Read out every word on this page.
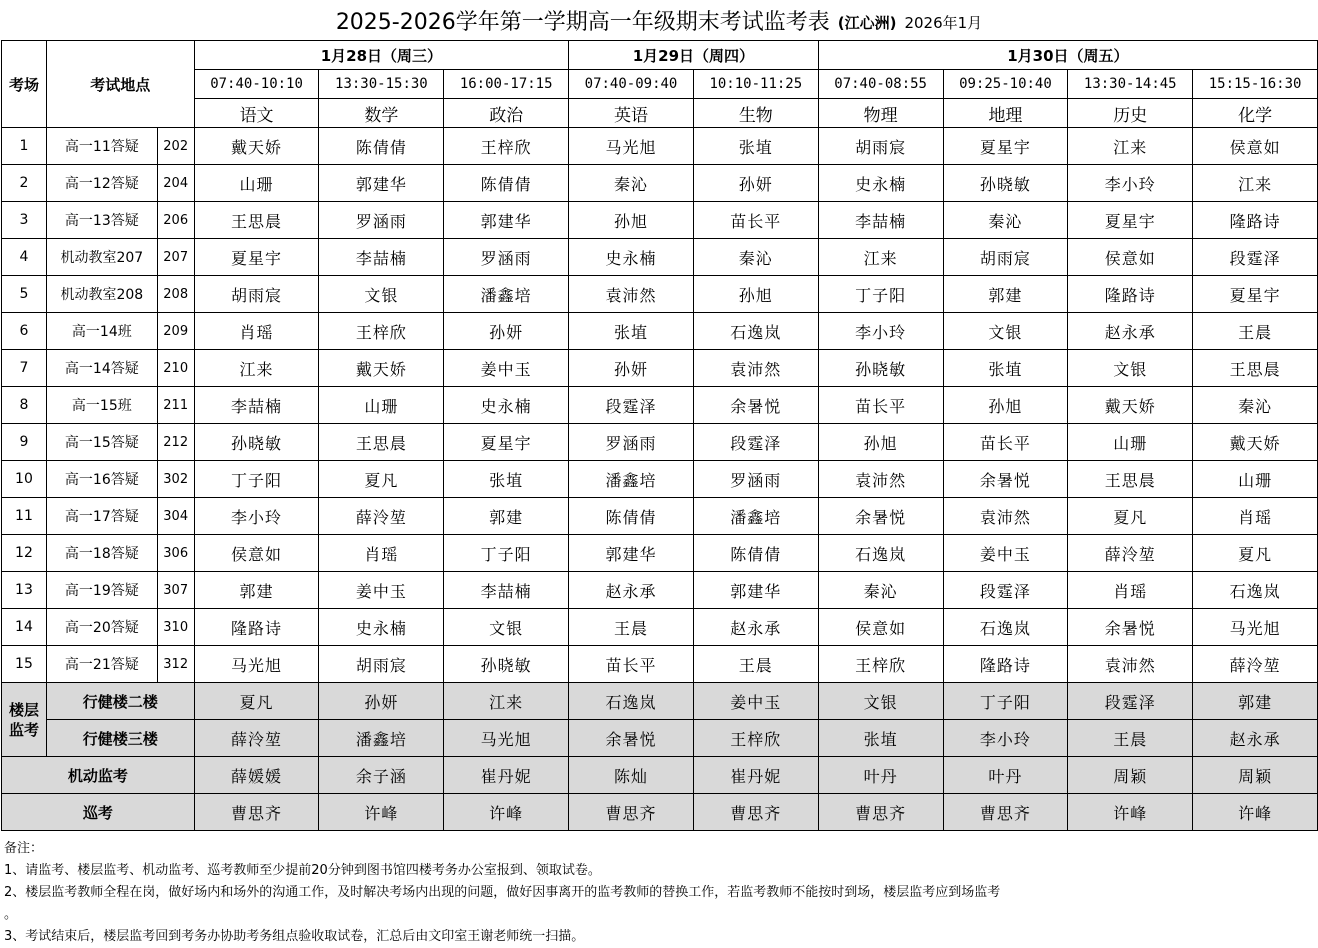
2025-2026学年第一学期高一年级期末考试监考表 (江心洲) 2026年1月
考场	考试地点		1月28日（周三）			1月29日（周四）		1月30日（周五）			
			07:40-10:10	13:30-15:30	16:00-17:15	07:40-09:40	10:10-11:25	07:40-08:55	09:25-10:40	13:30-14:45	15:15-16:30
			语文	数学	政治	英语	生物	物理	地理	历史	化学
1	高一11答疑	202	戴天娇	陈倩倩	王梓欣	马光旭	张埴	胡雨宸	夏星宇	江来	侯意如
2	高一12答疑	204	山珊	郭建华	陈倩倩	秦沁	孙妍	史永楠	孙晓敏	李小玲	江来
3	高一13答疑	206	王思晨	罗涵雨	郭建华	孙旭	苗长平	李喆楠	秦沁	夏星宇	隆路诗
4	机动教室207	207	夏星宇	李喆楠	罗涵雨	史永楠	秦沁	江来	胡雨宸	侯意如	段霆泽
5	机动教室208	208	胡雨宸	文银	潘鑫培	袁沛然	孙旭	丁子阳	郭建	隆路诗	夏星宇
6	高一14班	209	肖瑶	王梓欣	孙妍	张埴	石逸岚	李小玲	文银	赵永承	王晨
7	高一14答疑	210	江来	戴天娇	姜中玉	孙妍	袁沛然	孙晓敏	张埴	文银	王思晨
8	高一15班	211	李喆楠	山珊	史永楠	段霆泽	余暑悦	苗长平	孙旭	戴天娇	秦沁
9	高一15答疑	212	孙晓敏	王思晨	夏星宇	罗涵雨	段霆泽	孙旭	苗长平	山珊	戴天娇
10	高一16答疑	302	丁子阳	夏凡	张埴	潘鑫培	罗涵雨	袁沛然	余暑悦	王思晨	山珊
11	高一17答疑	304	李小玲	薛泠堃	郭建	陈倩倩	潘鑫培	余暑悦	袁沛然	夏凡	肖瑶
12	高一18答疑	306	侯意如	肖瑶	丁子阳	郭建华	陈倩倩	石逸岚	姜中玉	薛泠堃	夏凡
13	高一19答疑	307	郭建	姜中玉	李喆楠	赵永承	郭建华	秦沁	段霆泽	肖瑶	石逸岚
14	高一20答疑	310	隆路诗	史永楠	文银	王晨	赵永承	侯意如	石逸岚	余暑悦	马光旭
15	高一21答疑	312	马光旭	胡雨宸	孙晓敏	苗长平	王晨	王梓欣	隆路诗	袁沛然	薛泠堃
楼层监考	行健楼二楼		夏凡	孙妍	江来	石逸岚	姜中玉	文银	丁子阳	段霆泽	郭建
	行健楼三楼		薛泠堃	潘鑫培	马光旭	余暑悦	王梓欣	张埴	李小玲	王晨	赵永承
机动监考			薛媛媛	余子涵	崔丹妮	陈灿	崔丹妮	叶丹	叶丹	周颖	周颖
巡考			曹思齐	许峰	许峰	曹思齐	曹思齐	曹思齐	曹思齐	许峰	许峰
备注：
1、请监考、楼层监考、机动监考、巡考教师至少提前20分钟到图书馆四楼考务办公室报到、领取试卷。
2、楼层监考教师全程在岗，做好场内和场外的沟通工作，及时解决考场内出现的问题，做好因事离开的监考教师的替换工作，若监考教师不能按时到场，楼层监考应到场监考
。
3、考试结束后，楼层监考回到考务办协助考务组点验收取试卷，汇总后由文印室王谢老师统一扫描。
